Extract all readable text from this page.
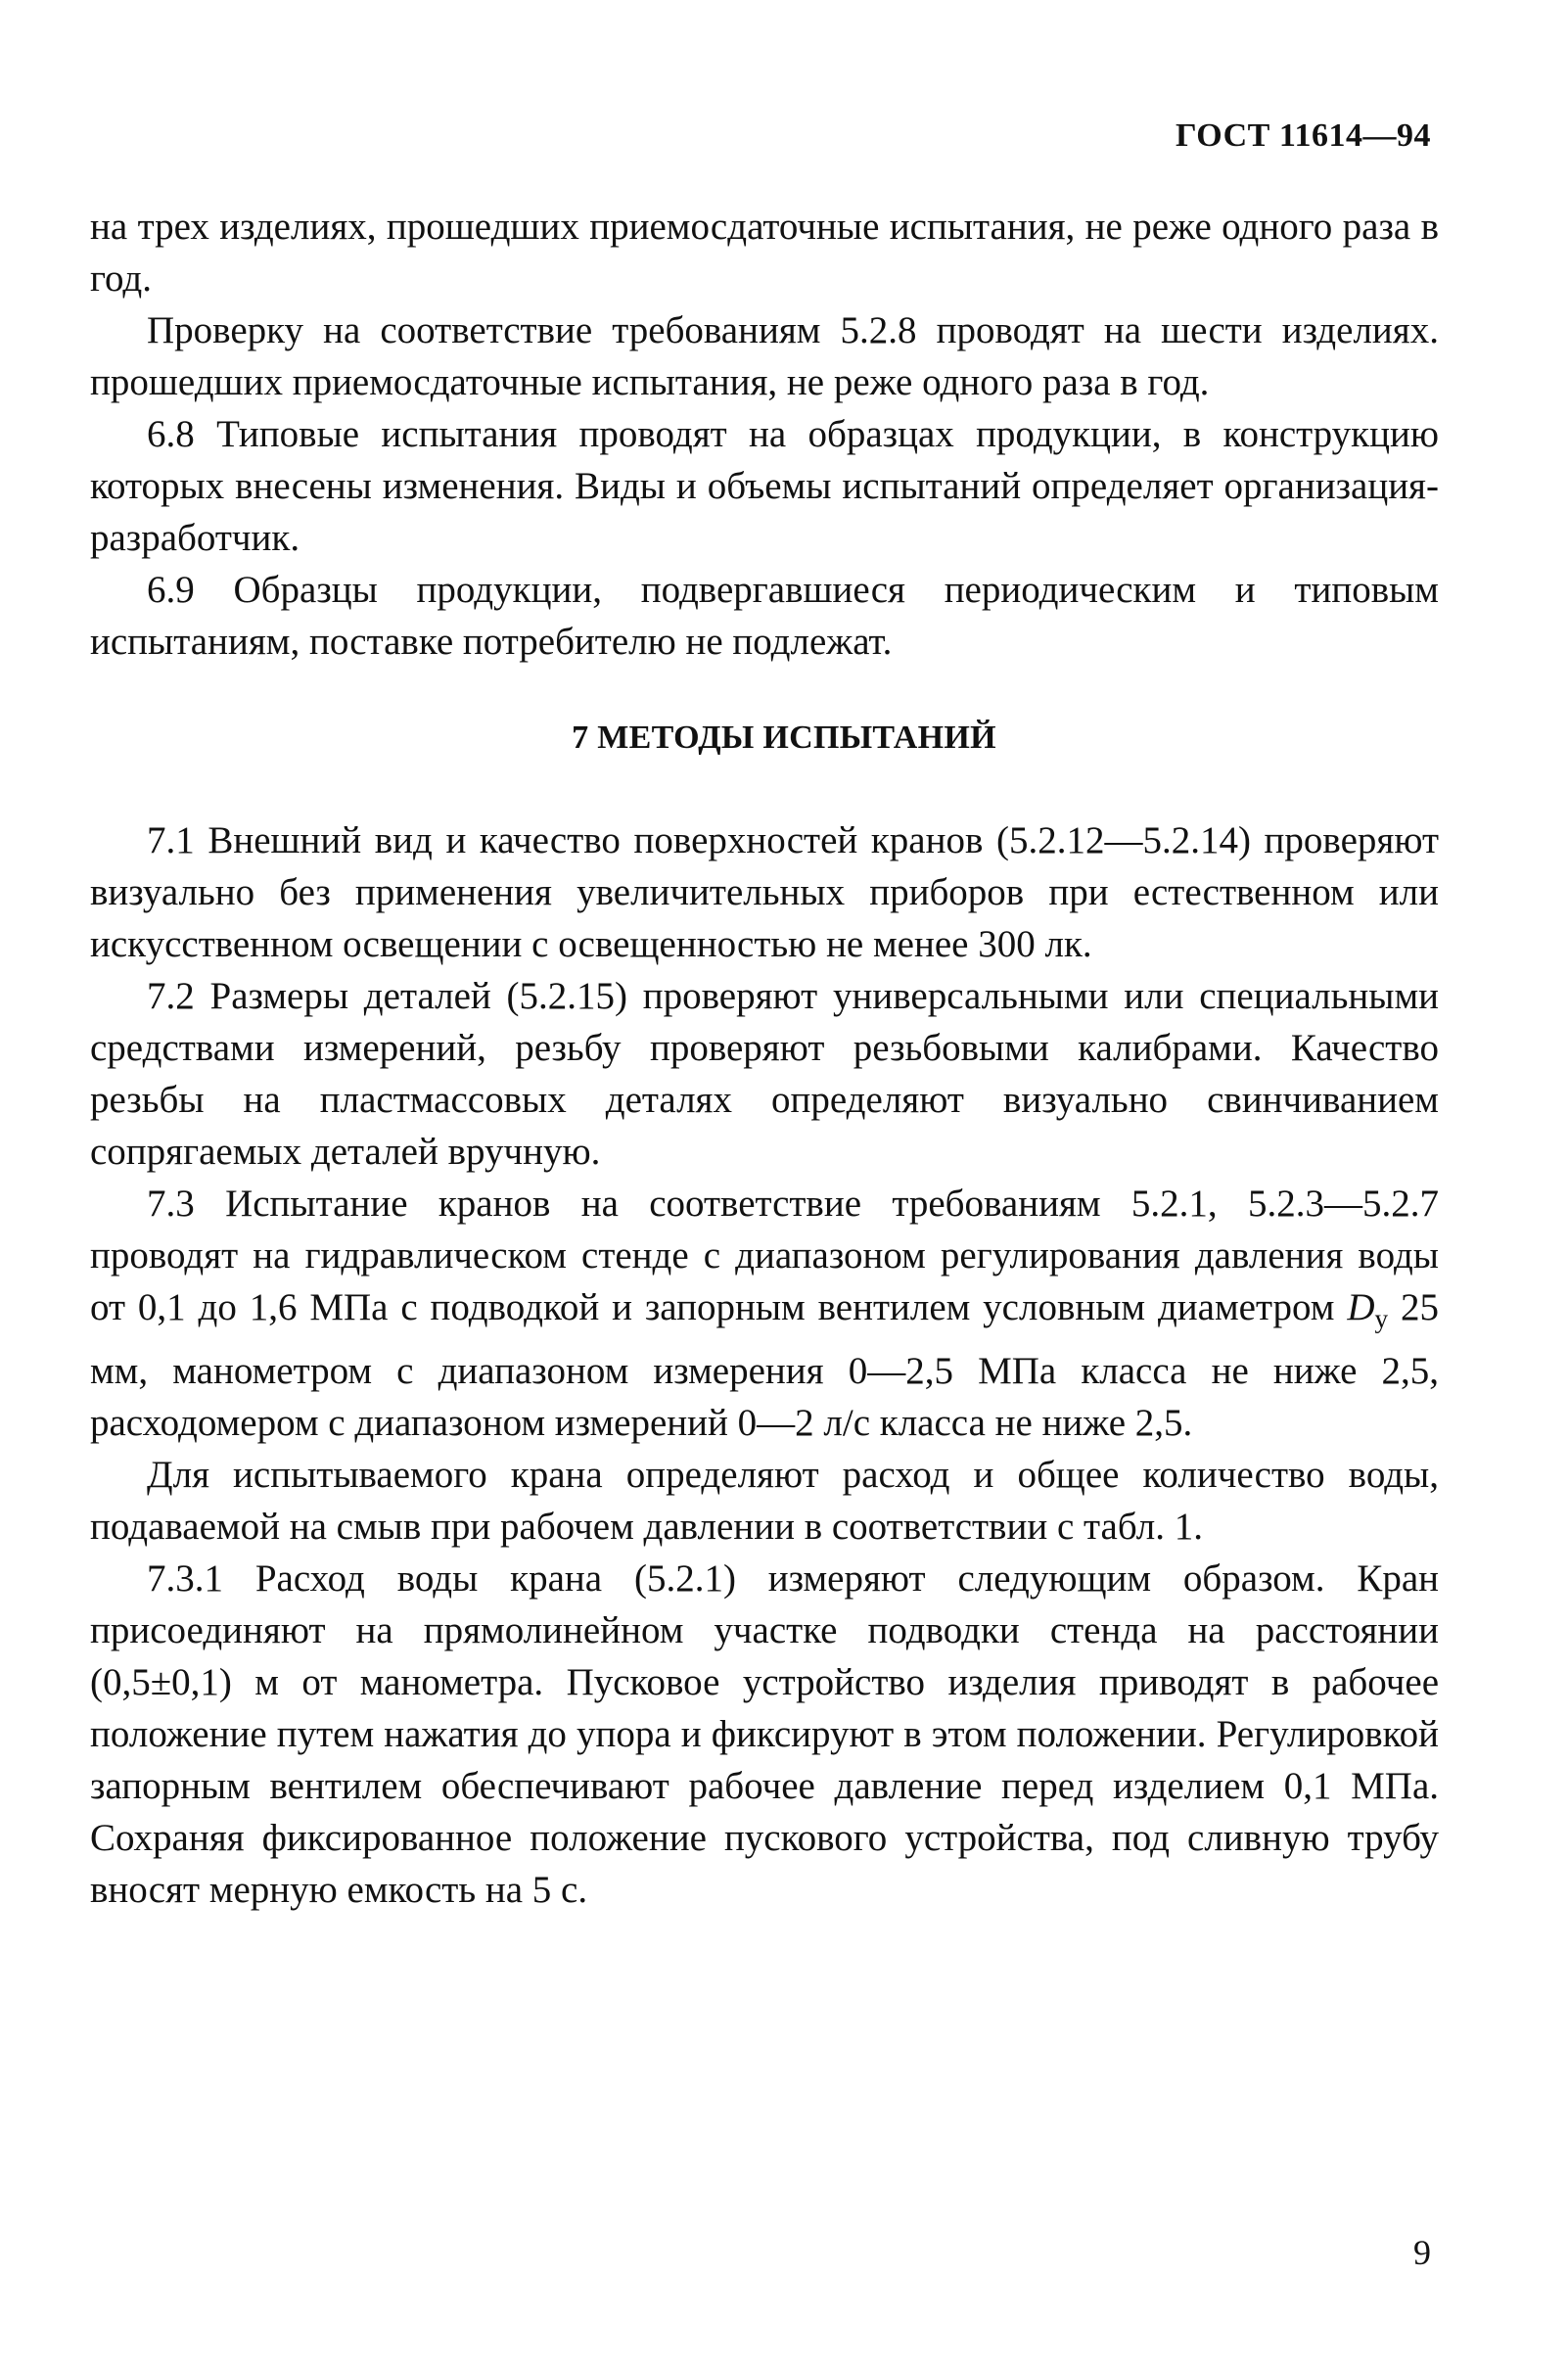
ГОСТ 11614—94

на трех изделиях, прошедших приемосдаточные испытания, не реже одного раза в год.

Проверку на соответствие требованиям 5.2.8 проводят на шести изделиях. прошедших приемосдаточные испытания, не реже одного раза в год.

6.8 Типовые испытания проводят на образцах продукции, в конструкцию которых внесены изменения. Виды и объемы испытаний определяет организация-разработчик.

6.9 Образцы продукции, подвергавшиеся периодическим и типовым испытаниям, поставке потребителю не подлежат.

7 МЕТОДЫ ИСПЫТАНИЙ

7.1 Внешний вид и качество поверхностей кранов (5.2.12—5.2.14) проверяют визуально без применения увеличительных приборов при естественном или искусственном освещении с освещенностью не менее 300 лк.

7.2 Размеры деталей (5.2.15) проверяют универсальными или специальными средствами измерений, резьбу проверяют резьбовыми калибрами. Качество резьбы на пластмассовых деталях определяют визуально свинчиванием сопрягаемых деталей вручную.

7.3 Испытание кранов на соответствие требованиям 5.2.1, 5.2.3—5.2.7 проводят на гидравлическом стенде с диапазоном регулирования давления воды от 0,1 до 1,6 МПа с подводкой и запорным вентилем условным диаметром $D_у$ 25 мм, манометром с диапазоном измерения 0—2,5 МПа класса не ниже 2,5, расходомером с диапазоном измерений 0—2 л/с класса не ниже 2,5.

Для испытываемого крана определяют расход и общее количество воды, подаваемой на смыв при рабочем давлении в соответствии с табл. 1.

7.3.1 Расход воды крана (5.2.1) измеряют следующим образом. Кран присоединяют на прямолинейном участке подводки стенда на расстоянии (0,5±0,1) м от манометра. Пусковое устройство изделия приводят в рабочее положение путем нажатия до упора и фиксируют в этом положении. Регулировкой запорным вентилем обеспечивают рабочее давление перед изделием 0,1 МПа. Сохраняя фиксированное положение пускового устройства, под сливную трубу вносят мерную емкость на 5 с.

9
